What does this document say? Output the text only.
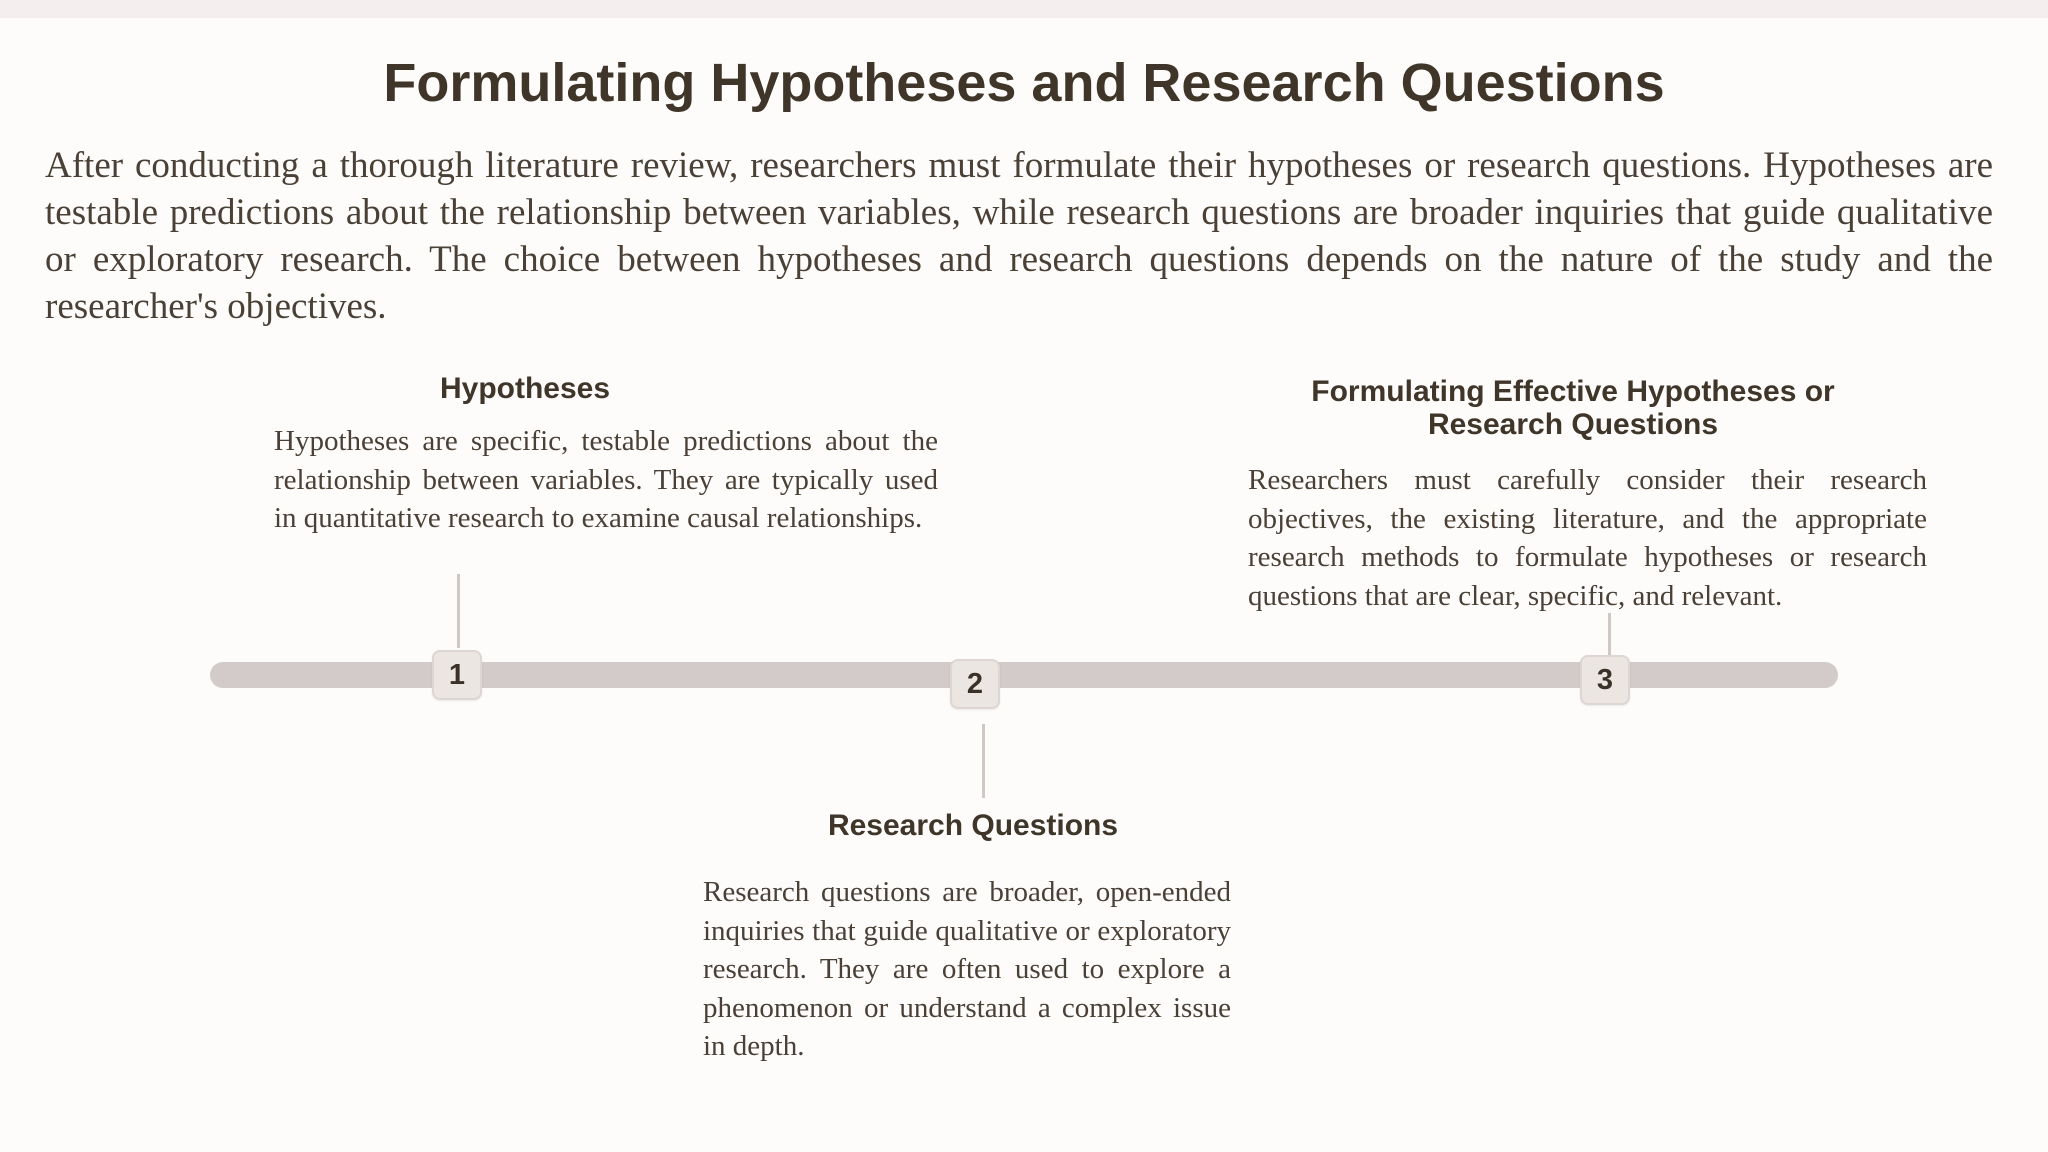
Formulating Hypotheses and Research Questions

After conducting a thorough literature review, researchers must formulate their hypotheses or research questions. Hypotheses are testable predictions about the relationship between variables, while research questions are broader inquiries that guide qualitative or exploratory research. The choice between hypotheses and research questions depends on the nature of the study and the researcher's objectives.

Hypotheses

Hypotheses are specific, testable predictions about the relationship between variables. They are typically used in quantitative research to examine causal relationships.

1	2
Research Questions

Research questions are broader, open-ended inquiries that guide qualitative or exploratory research. They are often used to explore a phenomenon or understand a complex issue in depth.

Formulating Effective Hypotheses or Research Questions

Researchers must carefully consider their research objectives, the existing literature, and the appropriate research methods to formulate hypotheses or research questions that are clear, specific, and relevant.

3
